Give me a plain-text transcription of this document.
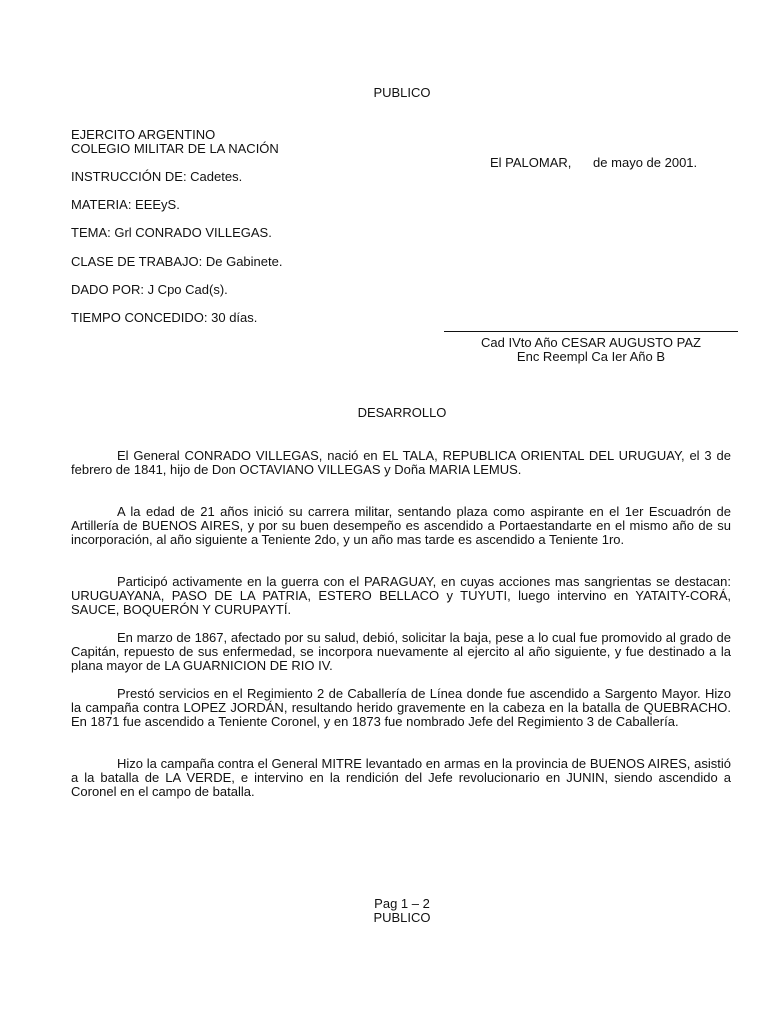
PUBLICO
EJERCITO ARGENTINO
COLEGIO MILITAR DE LA NACIÓN
El PALOMAR,      de mayo de 2001.
INSTRUCCIÓN DE: Cadetes.
MATERIA: EEEyS.
TEMA: Grl CONRADO VILLEGAS.
CLASE DE TRABAJO: De Gabinete.
DADO POR: J Cpo Cad(s).
TIEMPO CONCEDIDO: 30 días.
Cad IVto Año CESAR AUGUSTO PAZ
Enc Reempl Ca Ier Año B
DESARROLLO
El General CONRADO VILLEGAS, nació en EL TALA, REPUBLICA ORIENTAL DEL URUGUAY, el 3 de febrero de 1841, hijo de Don OCTAVIANO VILLEGAS y Doña MARIA LEMUS.
A la edad de 21 años inició su carrera militar, sentando plaza como aspirante en el 1er Escuadrón de Artillería de BUENOS AIRES, y por su buen desempeño es ascendido a Portaestandarte en el mismo año de su incorporación, al año siguiente a Teniente 2do, y un año mas tarde es ascendido a Teniente 1ro.
Participó activamente en la guerra con el PARAGUAY, en cuyas acciones mas sangrientas se destacan: URUGUAYANA, PASO DE LA PATRIA, ESTERO BELLACO y TUYUTI, luego intervino en YATAITY-CORÁ, SAUCE, BOQUERÓN Y CURUPAYTÍ.
En marzo de 1867, afectado por su salud, debió, solicitar la baja, pese a lo cual fue promovido al grado de Capitán, repuesto de sus enfermedad, se incorpora nuevamente al ejercito al año siguiente, y fue destinado a la plana mayor de LA GUARNICION DE RIO IV.
Prestó servicios en el Regimiento 2 de Caballería de Línea donde fue ascendido a Sargento Mayor. Hizo la campaña contra LOPEZ JORDÁN, resultando herido gravemente en la cabeza en la batalla de QUEBRACHO. En 1871 fue ascendido a Teniente Coronel, y en 1873 fue nombrado Jefe del Regimiento 3 de Caballería.
Hizo la campaña contra el General MITRE levantado en armas en la provincia de BUENOS AIRES, asistió a la batalla de LA VERDE, e intervino en la rendición del Jefe revolucionario en JUNIN, siendo ascendido a Coronel en el campo de batalla.
Pag 1 – 2
PUBLICO
